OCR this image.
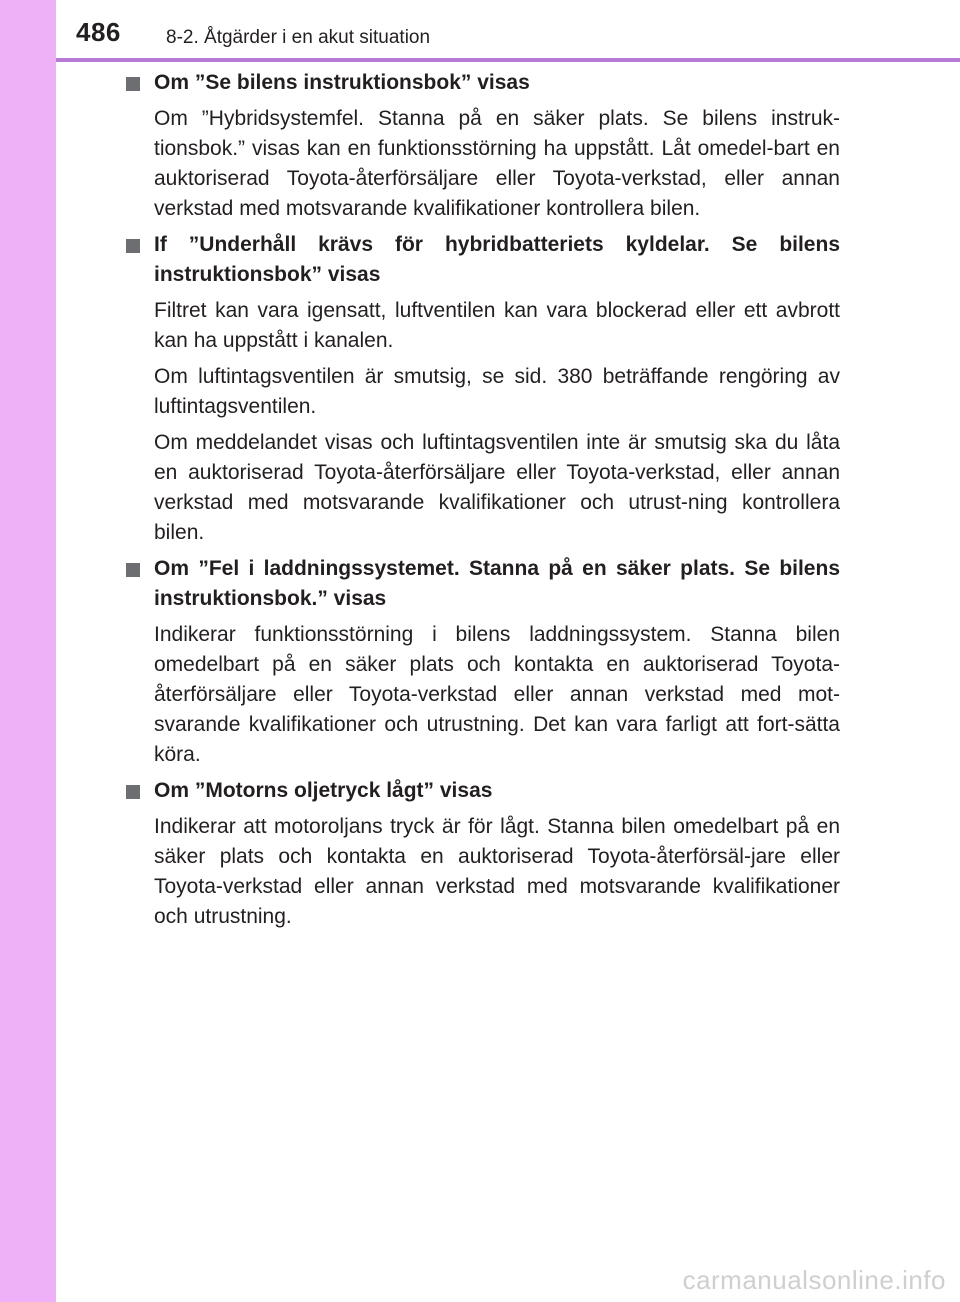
486 8-2. Åtgärder i en akut situation
Om ”Se bilens instruktionsbok” visas

Om ”Hybridsystemfel. Stanna på en säker plats. Se bilens instruk-tionsbok.” visas kan en funktionsstörning ha uppstått. Låt omedel-bart en auktoriserad Toyota-återförsäljare eller Toyota-verkstad, eller annan verkstad med motsvarande kvalifikationer kontrollera bilen.

If ”Underhåll krävs för hybridbatteriets kyldelar. Se bilens instruktionsbok” visas

Filtret kan vara igensatt, luftventilen kan vara blockerad eller ett avbrott kan ha uppstått i kanalen.

Om luftintagsventilen är smutsig, se sid. 380 beträffande rengöring av luftintagsventilen.

Om meddelandet visas och luftintagsventilen inte är smutsig ska du låta en auktoriserad Toyota-återförsäljare eller Toyota-verkstad, eller annan verkstad med motsvarande kvalifikationer och utrust-ning kontrollera bilen.

Om ”Fel i laddningssystemet. Stanna på en säker plats. Se bilens instruktionsbok.” visas

Indikerar funktionsstörning i bilens laddningssystem. Stanna bilen omedelbart på en säker plats och kontakta en auktoriserad Toyota-återförsäljare eller Toyota-verkstad eller annan verkstad med mot-svarande kvalifikationer och utrustning. Det kan vara farligt att fort-sätta köra.

Om ”Motorns oljetryck lågt” visas

Indikerar att motoroljans tryck är för lågt. Stanna bilen omedelbart på en säker plats och kontakta en auktoriserad Toyota-återförsäl-jare eller Toyota-verkstad eller annan verkstad med motsvarande kvalifikationer och utrustning.

carmanualsonline.info
